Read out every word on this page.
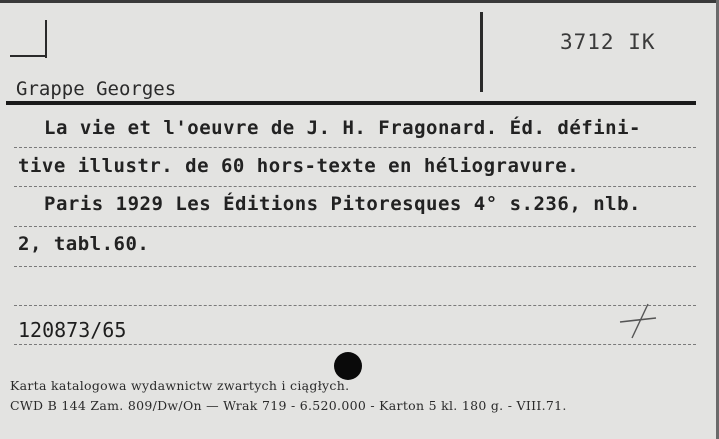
3712 IK
Grappe Georges
La vie et l'oeuvre de J. H. Fragonard. Éd. défini-
tive illustr. de 60 hors-texte en héliogravure.
Paris 1929 Les Éditions Pitoresques 4° s.236, nlb.
2, tabl.60.
120873/65
Karta katalogowa wydawnictw zwartych i ciągłych.
CWD B 144 Zam. 809/Dw/On — Wrak 719 - 6.520.000 - Karton 5 kl. 180 g. - VIII.71.
